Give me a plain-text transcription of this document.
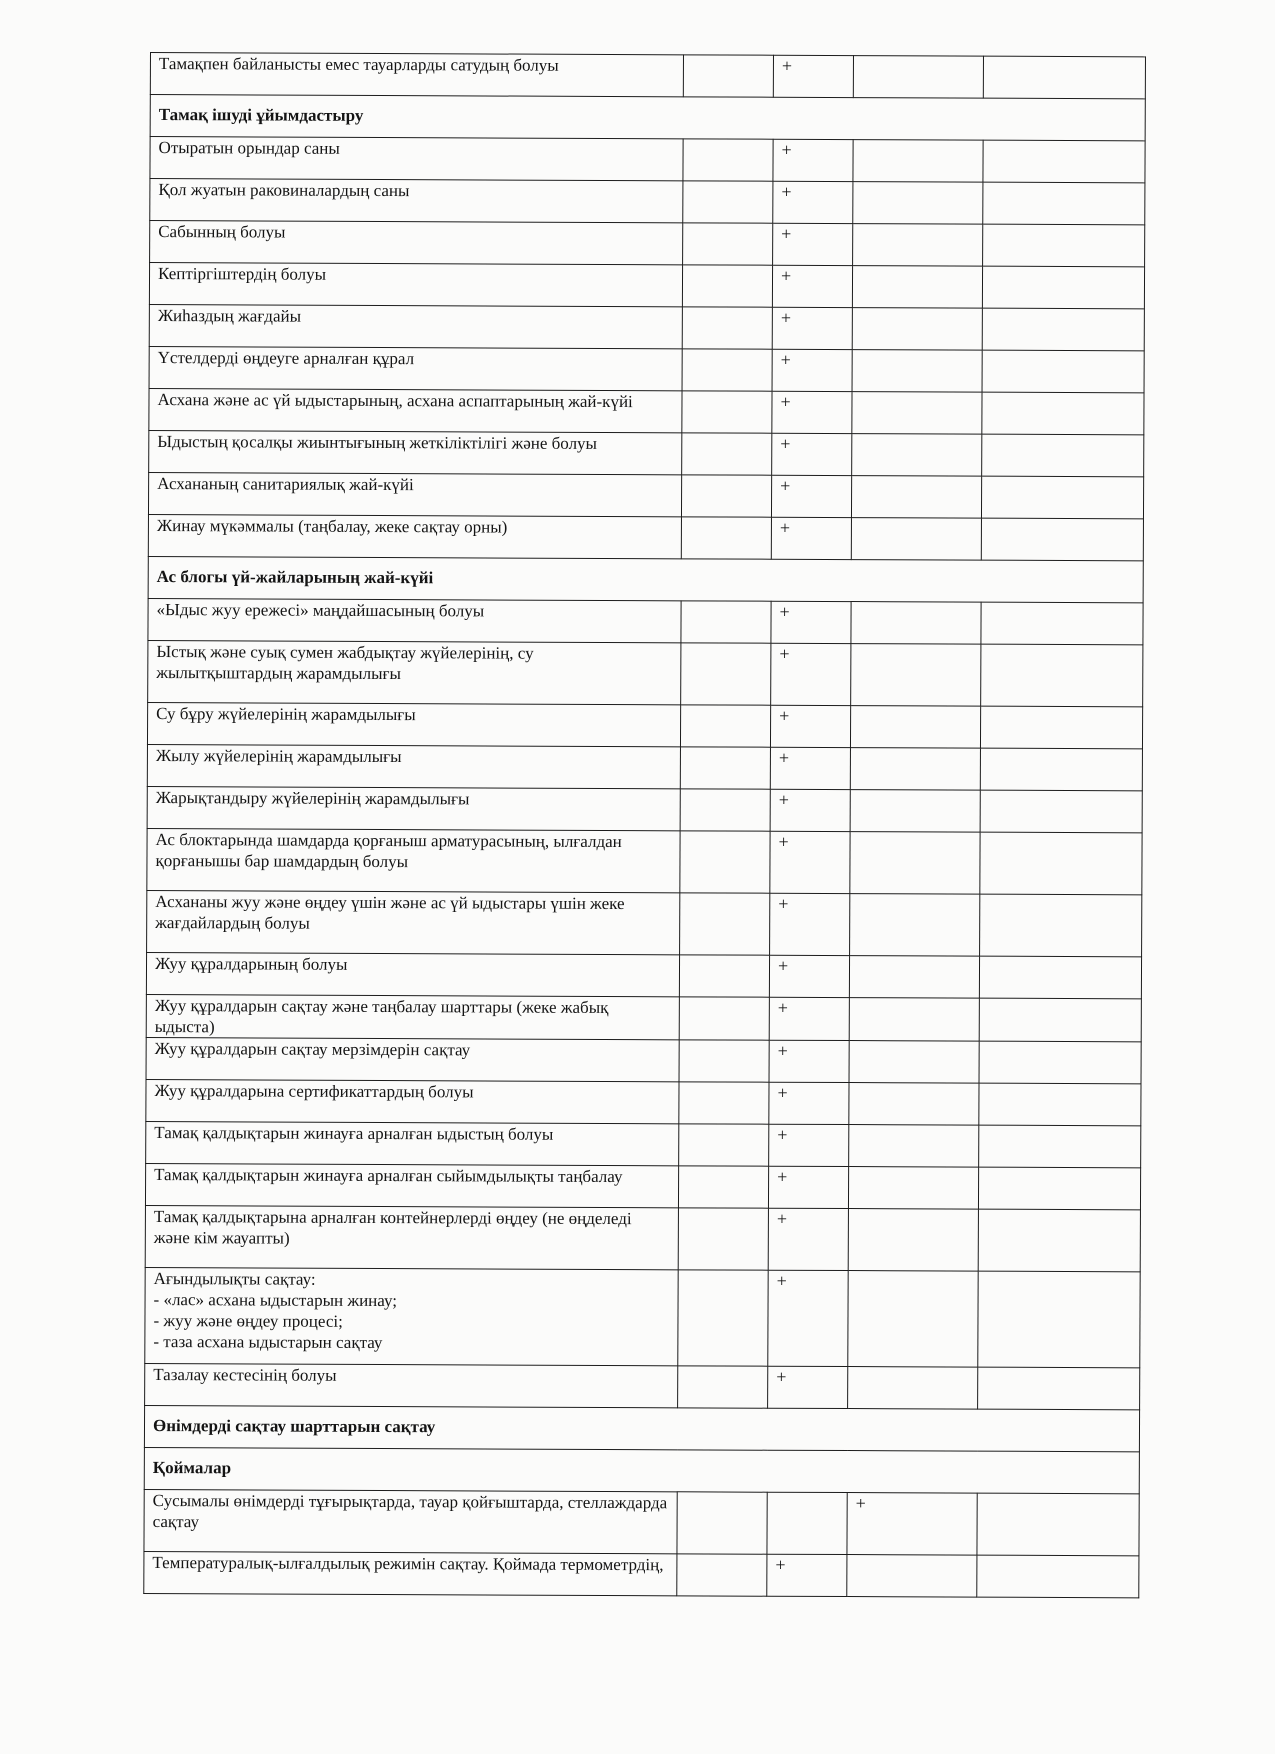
Тамақпен байланысты емес тауарларды сатудың болуы		+		
Тамақ ішуді ұйымдастыру				
Отыратын орындар саны		+		
Қол жуатын раковиналардың саны		+		
Сабынның болуы		+		
Кептіргіштердің болуы		+		
Жиһаздың жағдайы		+		
Үстелдерді өңдеуге арналған құрал		+		
Асхана және ас үй ыдыстарының, асхана аспаптарының жай-күйі		+		
Ыдыстың қосалқы жиынтығының жеткіліктілігі және болуы		+		
Асхананың санитариялық жай-күйі		+		
Жинау мүкәммалы (таңбалау, жеке сақтау орны)		+		
Ас блогы үй-жайларының жай-күйі				
«Ыдыс жуу ережесі» маңдайшасының болуы		+		
Ыстық және суық сумен жабдықтау жүйелерінің, су жылытқыштардың жарамдылығы		+		
Су бұру жүйелерінің жарамдылығы		+		
Жылу жүйелерінің жарамдылығы		+		
Жарықтандыру жүйелерінің жарамдылығы		+		
Ас блоктарында шамдарда қорғаныш арматурасының, ылғалдан қорғанышы бар шамдардың болуы		+		
Асхананы жуу және өңдеу үшін және ас үй ыдыстары үшін жеке жағдайлардың болуы		+		
Жуу құралдарының болуы		+		
Жуу құралдарын сақтау және таңбалау шарттары (жеке жабық ыдыста)		+		
Жуу құралдарын сақтау мерзімдерін сақтау		+		
Жуу құралдарына сертификаттардың болуы		+		
Тамақ қалдықтарын жинауға арналған ыдыстың болуы		+		
Тамақ қалдықтарын жинауға арналған сыйымдылықты таңбалау		+		
Тамақ қалдықтарына арналған контейнерлерді өңдеу (не өңделеді және кім жауапты)		+		
Ағындылықты сақтау:
- «лас» асхана ыдыстарын жинау;
- жуу және өңдеу процесі;
- таза асхана ыдыстарын сақтау		+		
Тазалау кестесінің болуы		+		
Өнімдерді сақтау шарттарын сақтау				
Қоймалар				
Сусымалы өнімдерді тұғырықтарда, тауар қойғыштарда, стеллаждарда сақтау			+	
Температуралық-ылғалдылық режимін сақтау. Қоймада термометрдің,		+		
